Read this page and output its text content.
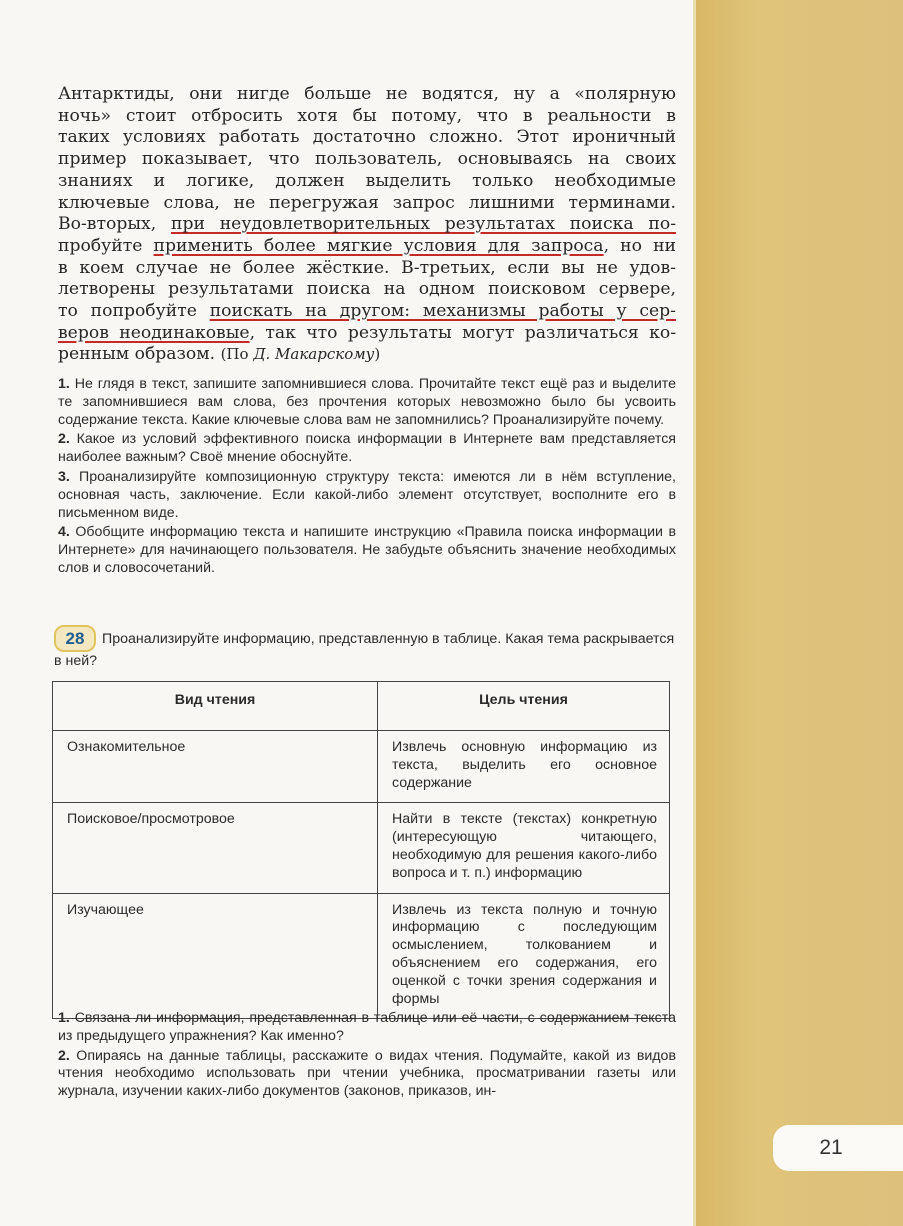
21

Антарктиды, они нигде больше не водятся, ну а «полярную

ночь» стоит отбросить хотя бы потому, что в реальности в

таких условиях работать достаточно сложно. Этот ироничный

пример показывает, что пользователь, основываясь на своих

знаниях и логике, должен выделить только необходимые

ключевые слова, не перегружая запрос лишними терминами.

Во-вторых, при неудовлетворительных результатах поиска по-

пробуйте применить более мягкие условия для запроса, но ни

в коем случае не более жёсткие. В-третьих, если вы не удов-

летворены результатами поиска на одном поисковом сервере,

то попробуйте поискать на другом: механизмы работы у сер-

веров неодинаковые, так что результаты могут различаться ко-

ренным образом. (По Д. Макарскому)

1. Не глядя в текст, запишите запомнившиеся слова. Прочитайте текст ещё раз и выделите те запомнившиеся вам слова, без прочтения которых невозможно было бы усвоить содержание текста. Какие ключевые слова вам не запомнились? Проанализируйте почему.

2. Какое из условий эффективного поиска информации в Интернете вам представляется наиболее важным? Своё мнение обоснуйте.

3. Проанализируйте композиционную структуру текста: имеются ли в нём вступление, основная часть, заключение. Если какой-либо элемент отсутствует, восполните его в письменном виде.

4. Обобщите информацию текста и напишите инструкцию «Правила поиска информации в Интернете» для начинающего пользователя. Не забудьте объяснить значение необходимых слов и словосочетаний.

28 Проанализируйте информацию, представленную в таблице. Какая тема раскрывается в ней?
Вид чтения	Цель чтения
Ознакомительное	Извлечь основную информацию из текста, выделить его основное содержание
Поисковое/просмотровое	Найти в тексте (текстах) конкретную (интересующую читающего, необходимую для решения какого-либо вопроса и т. п.) информацию
Изучающее	Извлечь из текста полную и точную информацию с последующим осмыслением, толкованием и объяснением его содержания, его оценкой с точки зрения содержания и формы

1. Связана ли информация, представленная в таблице или её части, с содержанием текста из предыдущего упражнения? Как именно?

2. Опираясь на данные таблицы, расскажите о видах чтения. Подумайте, какой из видов чтения необходимо использовать при чтении учебника, просматривании газеты или журнала, изучении каких-либо документов (законов, приказов, ин-
